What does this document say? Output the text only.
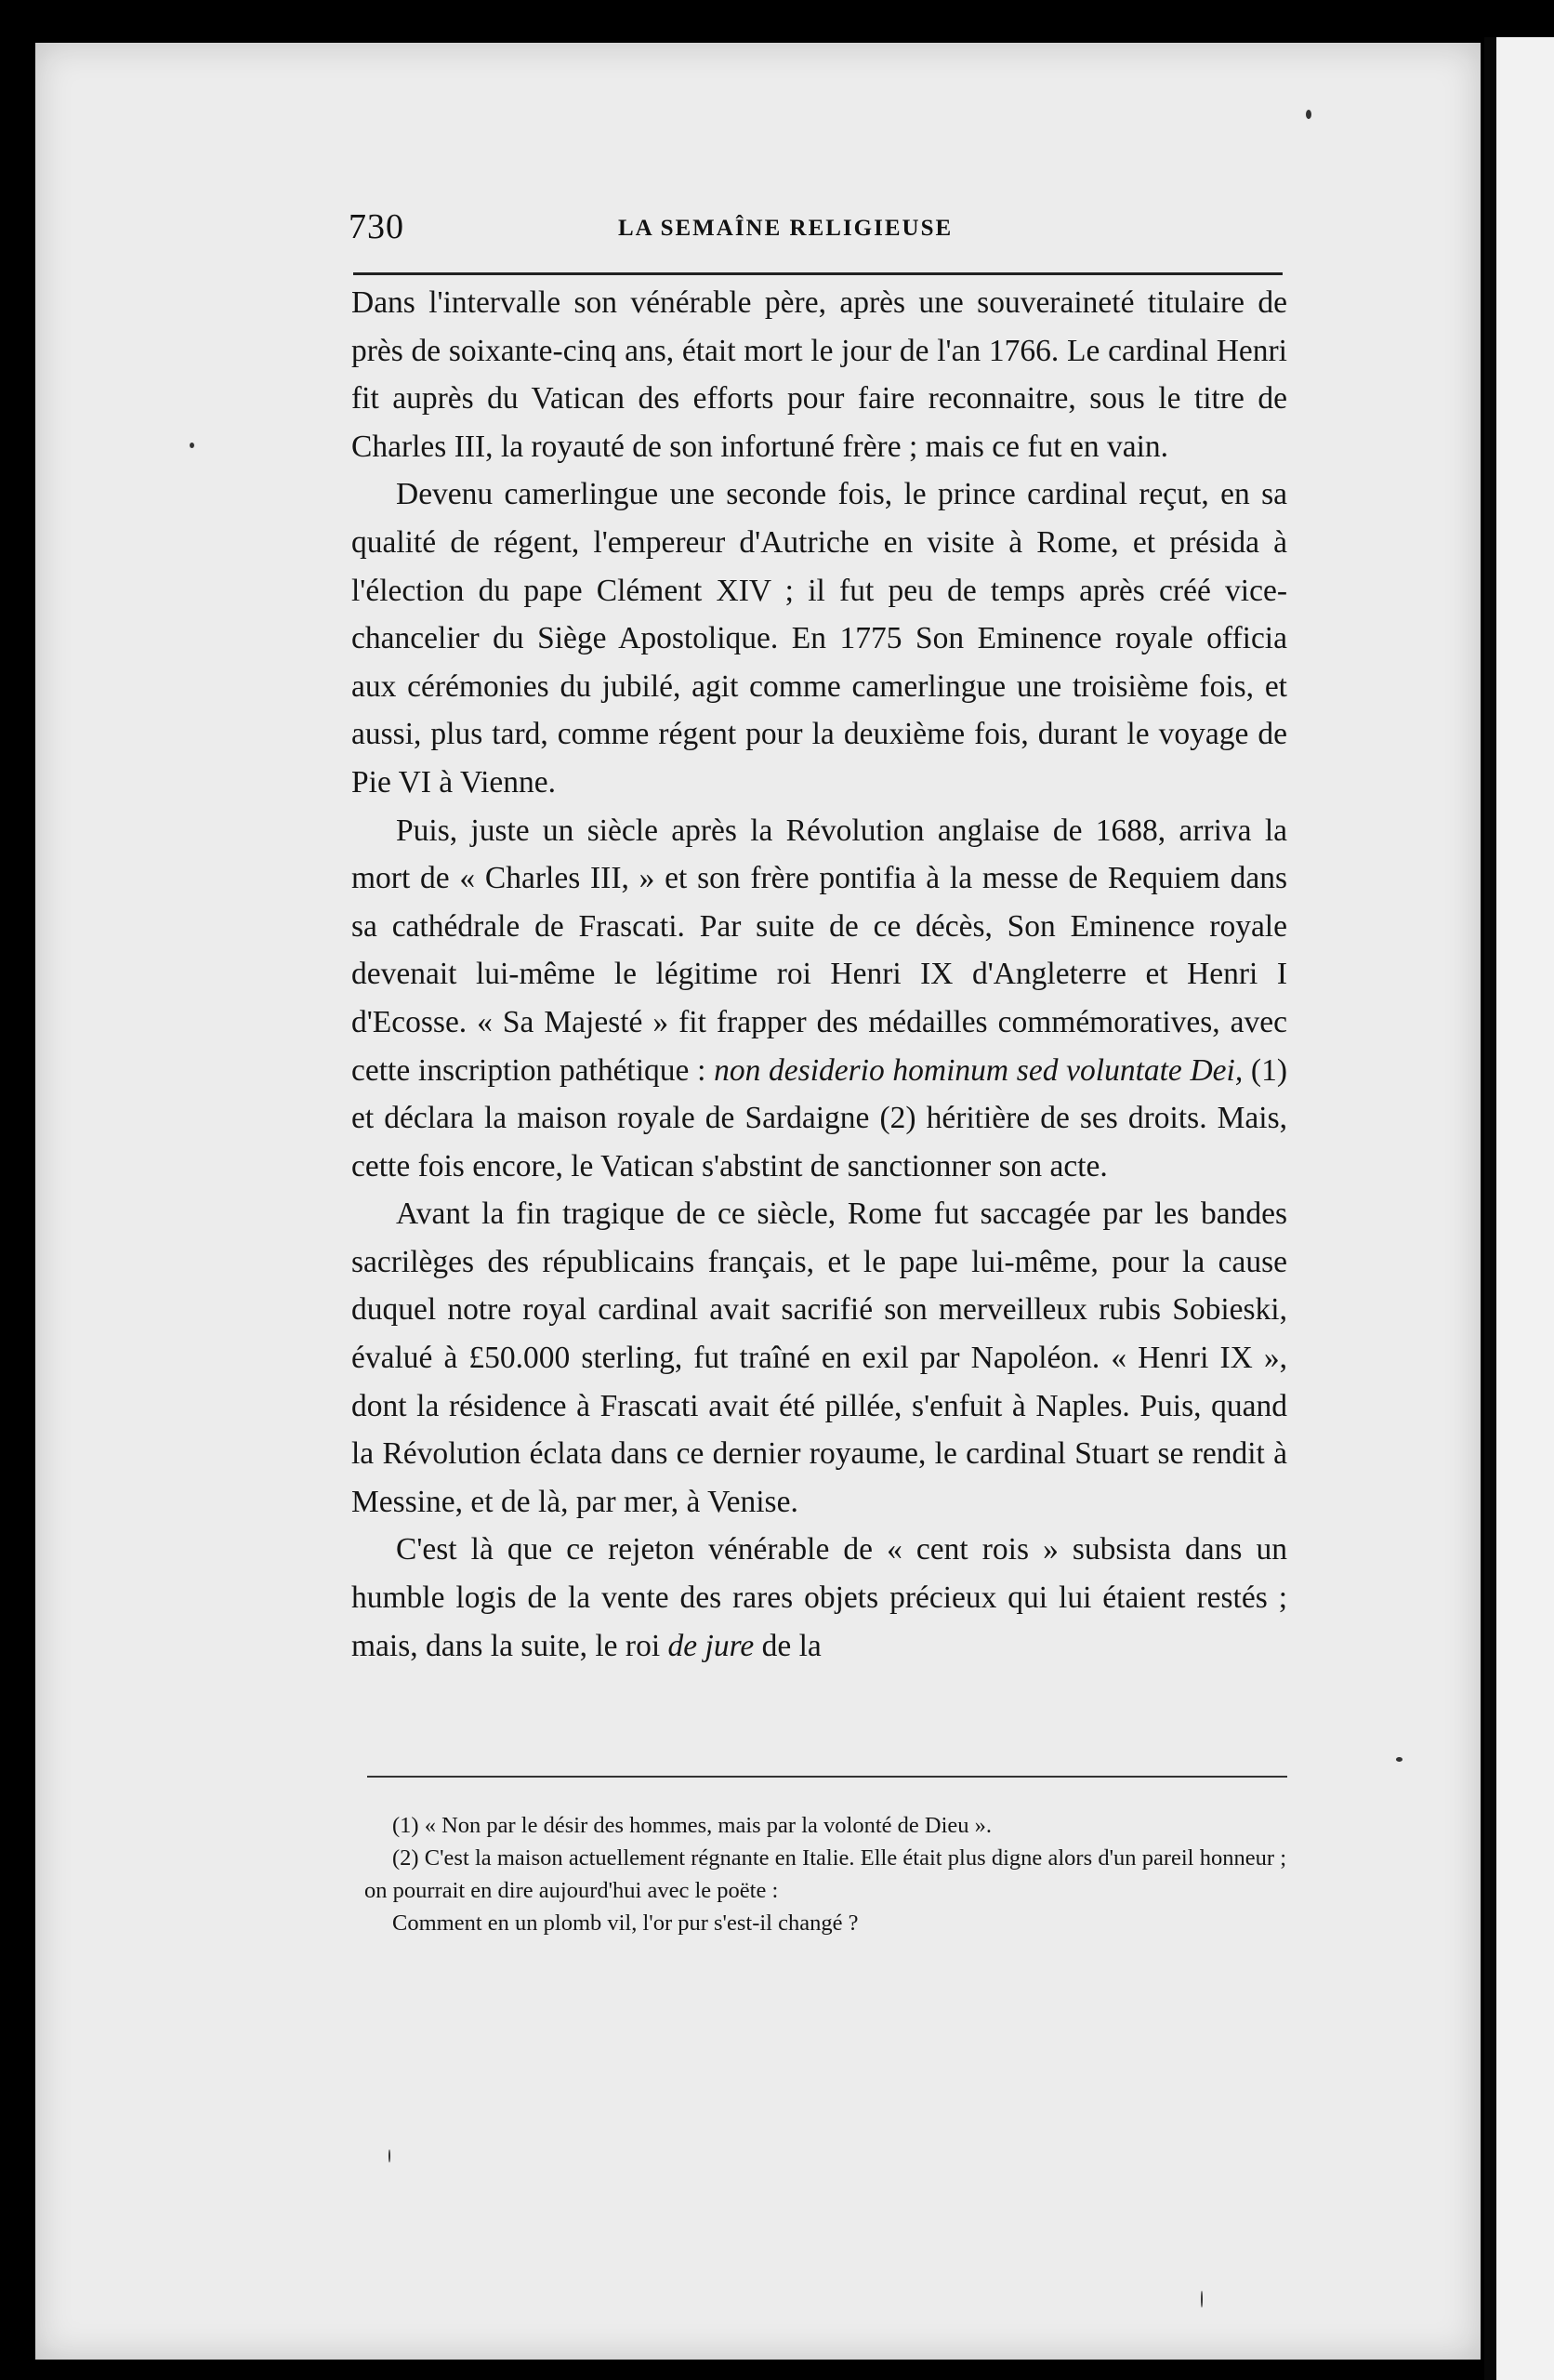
730	LA SEMAÎNE RELIGIEUSE

Dans l'intervalle son vénérable père, après une souveraineté titulaire de près de soixante-cinq ans, était mort le jour de l'an 1766. Le cardinal Henri fit auprès du Vatican des efforts pour faire reconnaitre, sous le titre de Charles III, la royauté de son infortuné frère ; mais ce fut en vain.

Devenu camerlingue une seconde fois, le prince cardinal reçut, en sa qualité de régent, l'empereur d'Autriche en visite à Rome, et présida à l'élection du pape Clément XIV ; il fut peu de temps après créé vice-chancelier du Siège Apostolique. En 1775 Son Eminence royale officia aux cérémonies du jubilé, agit comme camerlingue une troisième fois, et aussi, plus tard, comme régent pour la deuxième fois, durant le voyage de Pie VI à Vienne.

Puis, juste un siècle après la Révolution anglaise de 1688, arriva la mort de « Charles III, » et son frère pontifia à la messe de Requiem dans sa cathédrale de Frascati. Par suite de ce décès, Son Eminence royale devenait lui-même le légitime roi Henri IX d'Angleterre et Henri I d'Ecosse. « Sa Majesté » fit frapper des médailles commémoratives, avec cette inscription pathétique : non desiderio hominum sed voluntate Dei, (1) et déclara la maison royale de Sardaigne (2) héritière de ses droits. Mais, cette fois encore, le Vatican s'abstint de sanctionner son acte.

Avant la fin tragique de ce siècle, Rome fut saccagée par les bandes sacrilèges des républicains français, et le pape lui-même, pour la cause duquel notre royal cardinal avait sacrifié son merveilleux rubis Sobieski, évalué à £50.000 sterling, fut traîné en exil par Napoléon. « Henri IX », dont la résidence à Frascati avait été pillée, s'enfuit à Naples. Puis, quand la Révolution éclata dans ce dernier royaume, le cardinal Stuart se rendit à Messine, et de là, par mer, à Venise.

C'est là que ce rejeton vénérable de « cent rois » subsista dans un humble logis de la vente des rares objets précieux qui lui étaient restés ; mais, dans la suite, le roi de jure de la

(1) « Non par le désir des hommes, mais par la volonté de Dieu ».

(2) C'est la maison actuellement régnante en Italie. Elle était plus digne alors d'un pareil honneur ; on pourrait en dire aujourd'hui avec le poëte :

Comment en un plomb vil, l'or pur s'est-il changé ?
